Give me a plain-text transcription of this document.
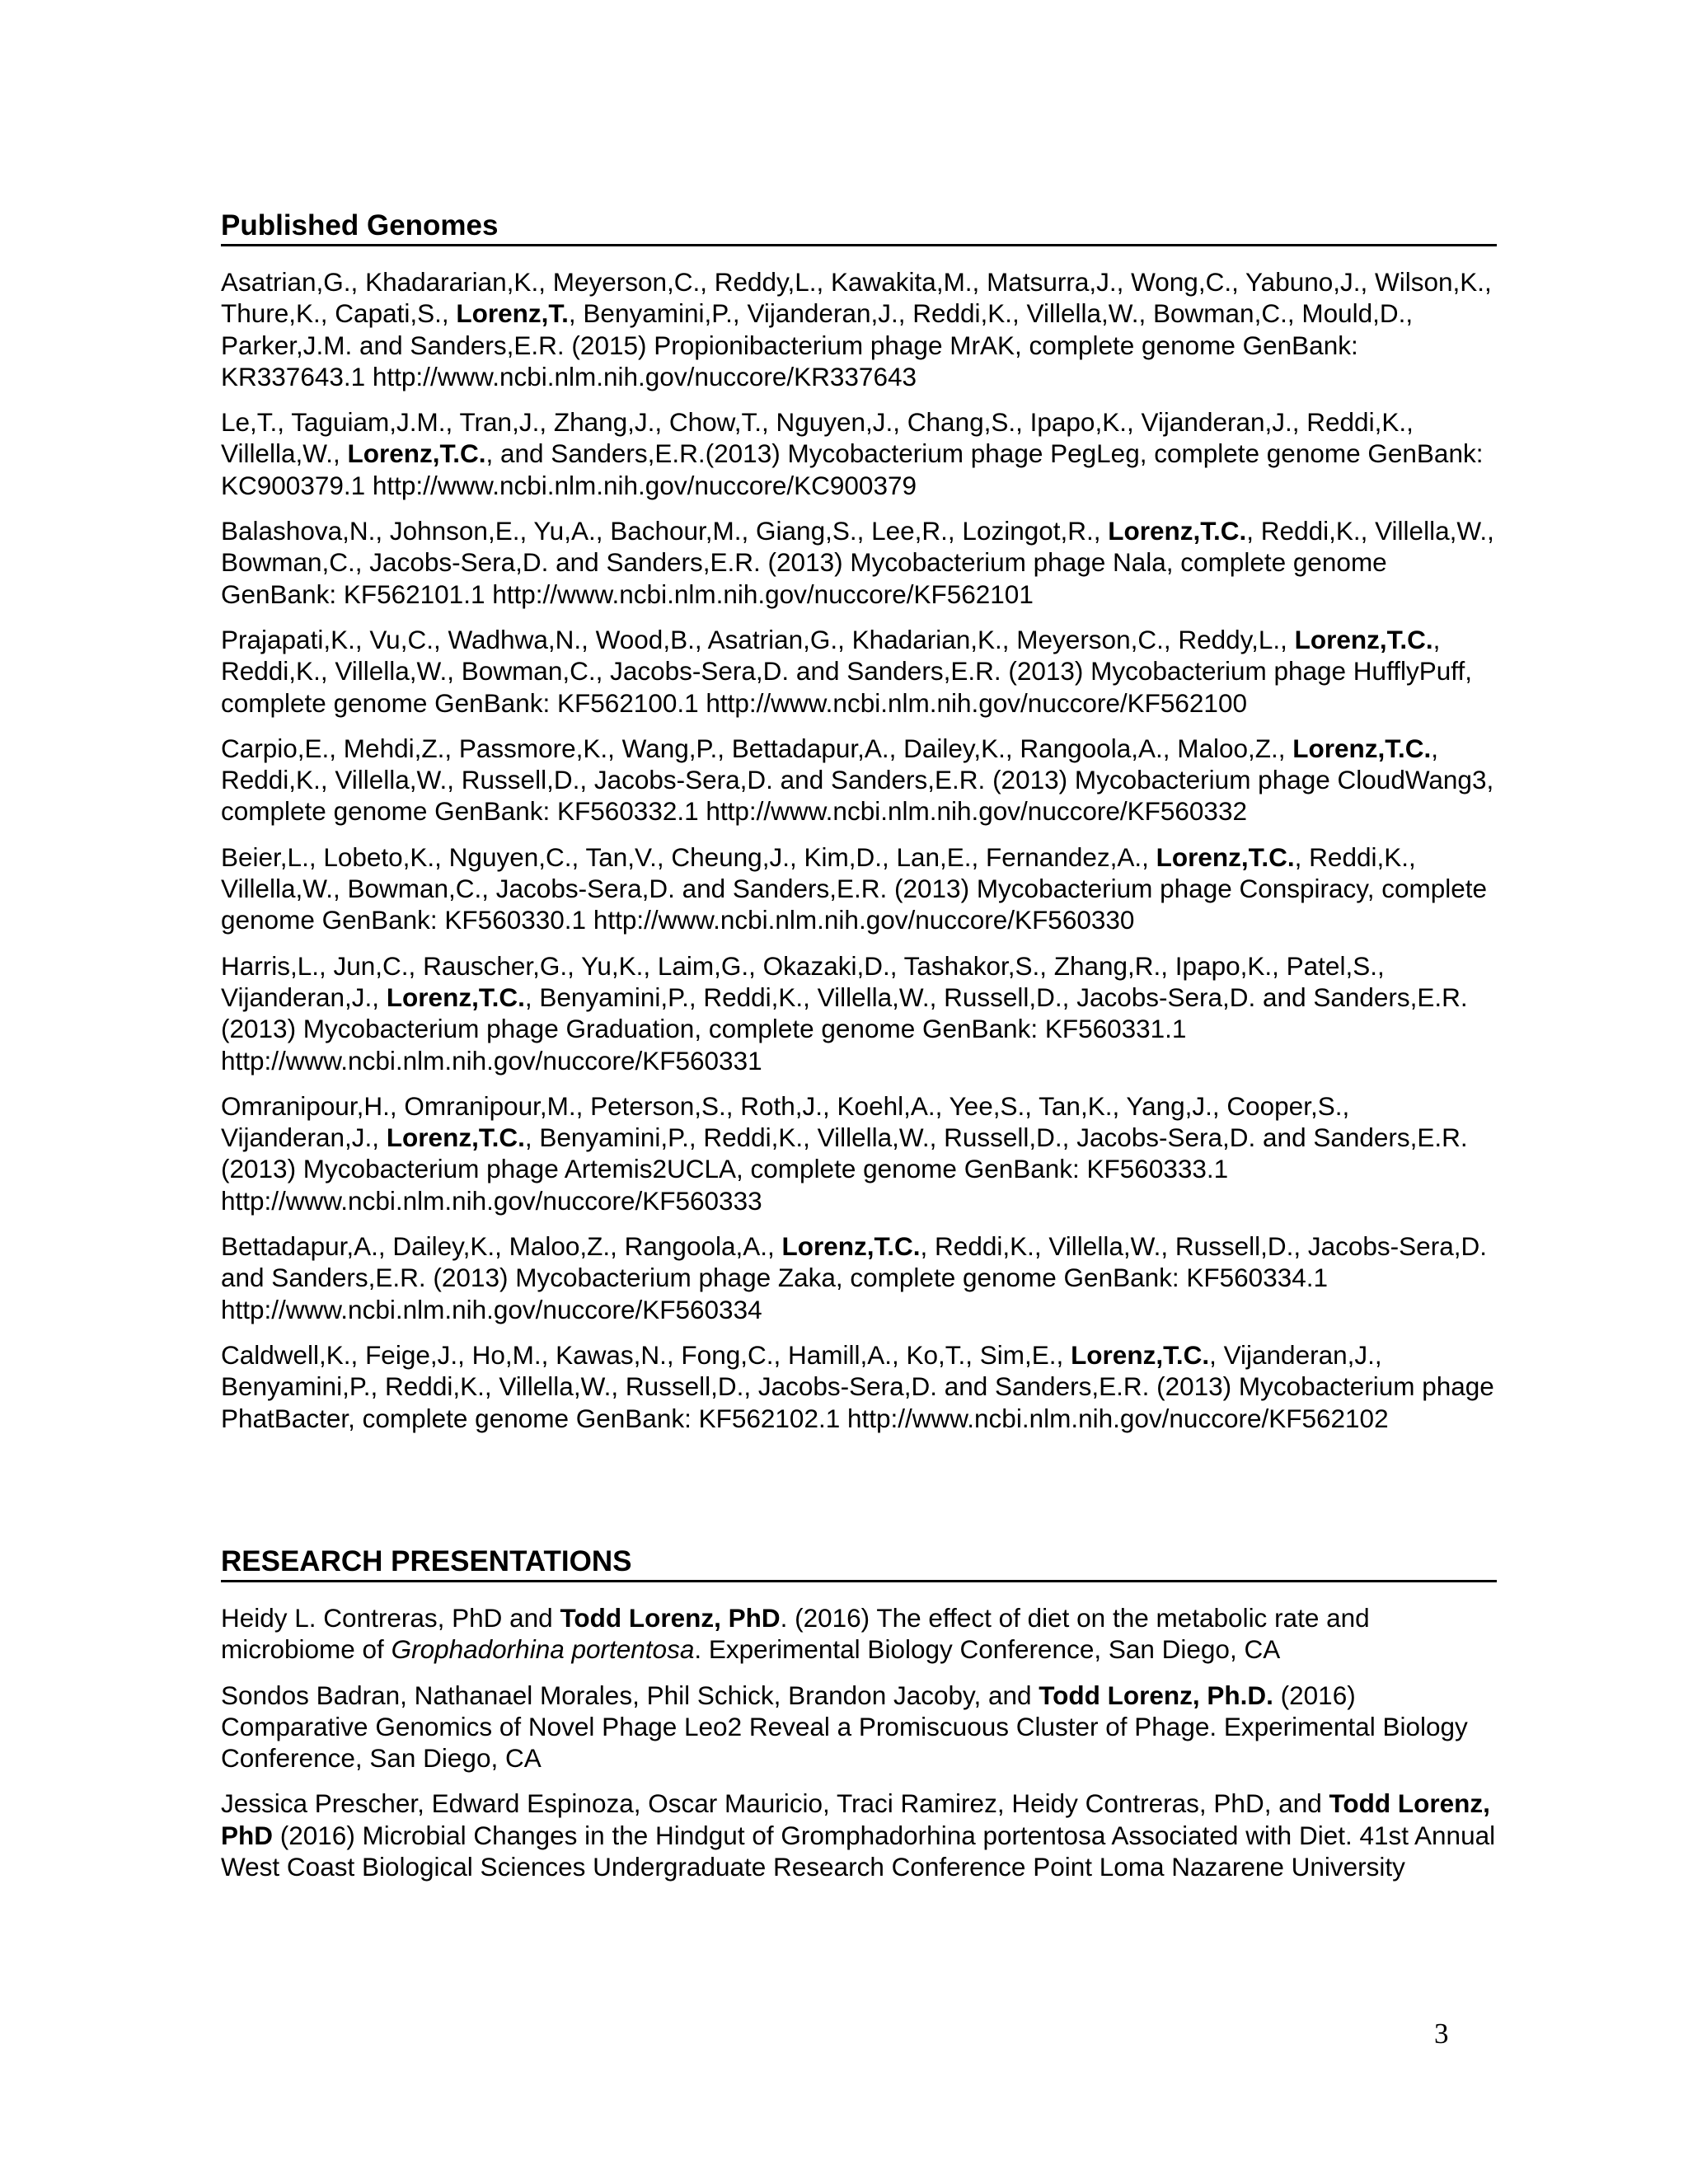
Published Genomes

Asatrian,G., Khadararian,K., Meyerson,C., Reddy,L., Kawakita,M., Matsurra,J., Wong,C., Yabuno,J., Wilson,K., Thure,K., Capati,S., Lorenz,T., Benyamini,P., Vijanderan,J., Reddi,K., Villella,W., Bowman,C., Mould,D., Parker,J.M. and Sanders,E.R. (2015) Propionibacterium phage MrAK, complete genome GenBank: KR337643.1 http://www.ncbi.nlm.nih.gov/nuccore/KR337643

Le,T., Taguiam,J.M., Tran,J., Zhang,J., Chow,T., Nguyen,J., Chang,S., Ipapo,K., Vijanderan,J., Reddi,K., Villella,W., Lorenz,T.C., and Sanders,E.R.(2013) Mycobacterium phage PegLeg, complete genome GenBank: KC900379.1 http://www.ncbi.nlm.nih.gov/nuccore/KC900379

Balashova,N., Johnson,E., Yu,A., Bachour,M., Giang,S., Lee,R., Lozingot,R., Lorenz,T.C., Reddi,K., Villella,W., Bowman,C., Jacobs-Sera,D. and Sanders,E.R. (2013) Mycobacterium phage Nala, complete genome GenBank: KF562101.1 http://www.ncbi.nlm.nih.gov/nuccore/KF562101

Prajapati,K., Vu,C., Wadhwa,N., Wood,B., Asatrian,G., Khadarian,K., Meyerson,C., Reddy,L., Lorenz,T.C., Reddi,K., Villella,W., Bowman,C., Jacobs-Sera,D. and Sanders,E.R. (2013) Mycobacterium phage HufflyPuff, complete genome GenBank: KF562100.1 http://www.ncbi.nlm.nih.gov/nuccore/KF562100

Carpio,E., Mehdi,Z., Passmore,K., Wang,P., Bettadapur,A., Dailey,K., Rangoola,A., Maloo,Z., Lorenz,T.C., Reddi,K., Villella,W., Russell,D., Jacobs-Sera,D. and Sanders,E.R. (2013) Mycobacterium phage CloudWang3, complete genome GenBank: KF560332.1 http://www.ncbi.nlm.nih.gov/nuccore/KF560332

Beier,L., Lobeto,K., Nguyen,C., Tan,V., Cheung,J., Kim,D., Lan,E., Fernandez,A., Lorenz,T.C., Reddi,K., Villella,W., Bowman,C., Jacobs-Sera,D. and Sanders,E.R. (2013) Mycobacterium phage Conspiracy, complete genome GenBank: KF560330.1 http://www.ncbi.nlm.nih.gov/nuccore/KF560330

Harris,L., Jun,C., Rauscher,G., Yu,K., Laim,G., Okazaki,D., Tashakor,S., Zhang,R., Ipapo,K., Patel,S., Vijanderan,J., Lorenz,T.C., Benyamini,P., Reddi,K., Villella,W., Russell,D., Jacobs-Sera,D. and Sanders,E.R.(2013) Mycobacterium phage Graduation, complete genome GenBank: KF560331.1 http://www.ncbi.nlm.nih.gov/nuccore/KF560331

Omranipour,H., Omranipour,M., Peterson,S., Roth,J., Koehl,A., Yee,S., Tan,K., Yang,J., Cooper,S., Vijanderan,J., Lorenz,T.C., Benyamini,P., Reddi,K., Villella,W., Russell,D., Jacobs-Sera,D. and Sanders,E.R.(2013) Mycobacterium phage Artemis2UCLA, complete genome GenBank: KF560333.1 http://www.ncbi.nlm.nih.gov/nuccore/KF560333

Bettadapur,A., Dailey,K., Maloo,Z., Rangoola,A., Lorenz,T.C., Reddi,K., Villella,W., Russell,D., Jacobs-Sera,D. and Sanders,E.R. (2013) Mycobacterium phage Zaka, complete genome GenBank: KF560334.1 http://www.ncbi.nlm.nih.gov/nuccore/KF560334

Caldwell,K., Feige,J., Ho,M., Kawas,N., Fong,C., Hamill,A., Ko,T., Sim,E., Lorenz,T.C., Vijanderan,J., Benyamini,P., Reddi,K., Villella,W., Russell,D., Jacobs-Sera,D. and Sanders,E.R. (2013) Mycobacterium phage PhatBacter, complete genome GenBank: KF562102.1 http://www.ncbi.nlm.nih.gov/nuccore/KF562102

RESEARCH PRESENTATIONS

Heidy L. Contreras, PhD and Todd Lorenz, PhD. (2016) The effect of diet on the metabolic rate and microbiome of Grophadorhina portentosa. Experimental Biology Conference, San Diego, CA

Sondos Badran, Nathanael Morales, Phil Schick, Brandon Jacoby, and Todd Lorenz, Ph.D. (2016) Comparative Genomics of Novel Phage Leo2 Reveal a Promiscuous Cluster of Phage. Experimental Biology Conference, San Diego, CA

Jessica Prescher, Edward Espinoza, Oscar Mauricio, Traci Ramirez, Heidy Contreras, PhD, and Todd Lorenz, PhD (2016) Microbial Changes in the Hindgut of Gromphadorhina portentosa Associated with Diet. 41st Annual West Coast Biological Sciences Undergraduate Research Conference Point Loma Nazarene University

3
